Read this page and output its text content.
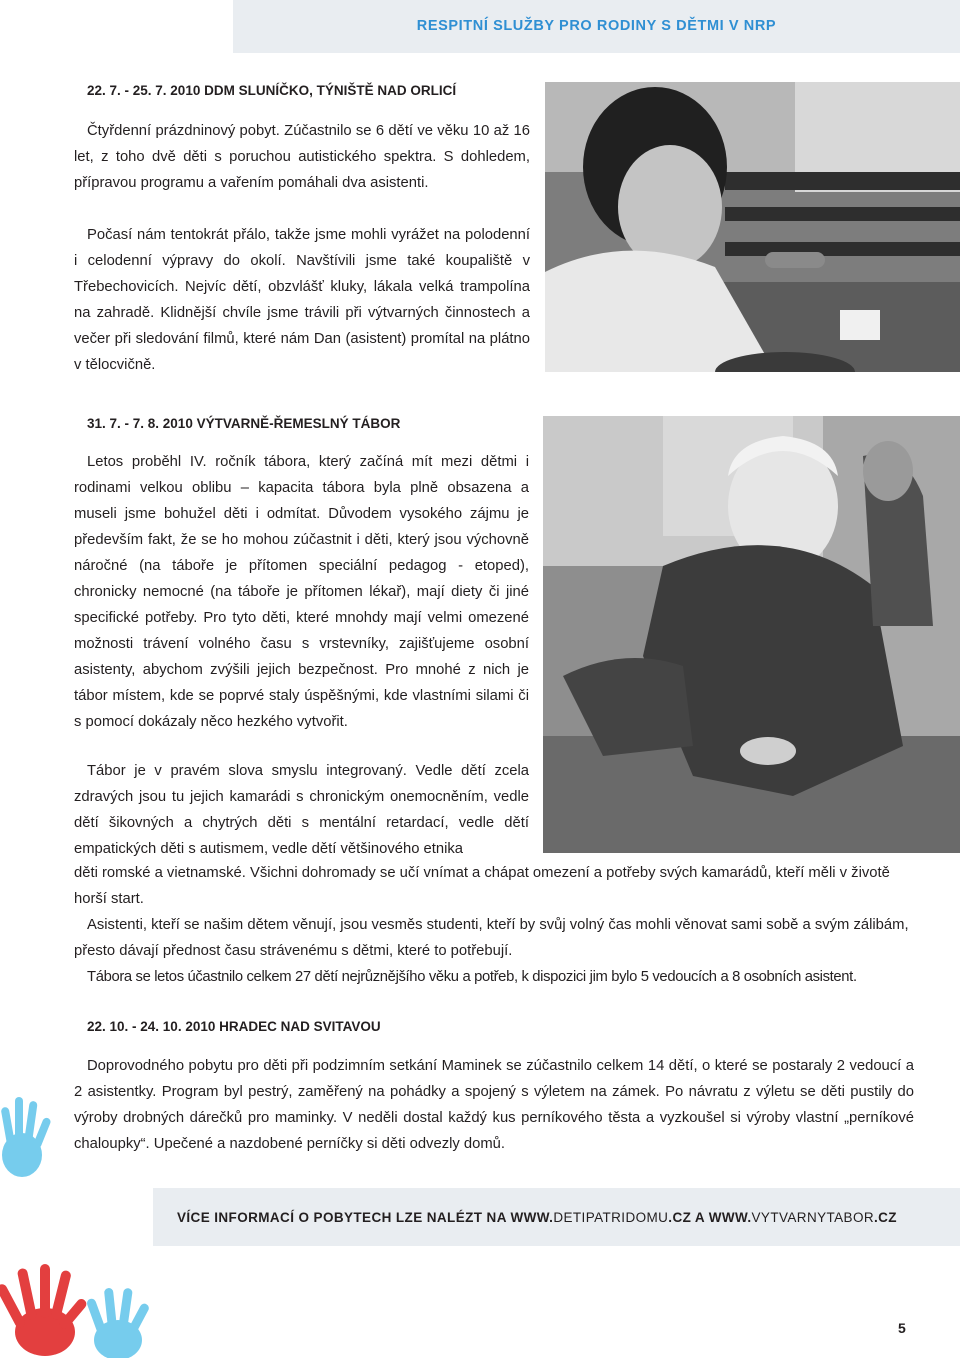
RESPITNÍ SLUŽBY PRO RODINY S DĚTMI V NRP
22. 7. - 25. 7. 2010 DDM SLUNÍČKO, TÝNIŠTĚ NAD ORLICÍ

Čtyřdenní prázdninový pobyt. Zúčastnilo se 6 dětí ve věku 10 až 16 let, z toho dvě děti s poruchou autistického spektra. S dohledem, přípravou programu a vařením pomáhali dva asistenti.

Počasí nám tentokrát přálo, takže jsme mohli vyrážet na polodenní i celodenní výpravy do okolí. Navštívili jsme také koupaliště v Třebechovicích. Nejvíc dětí, obzvlášť kluky, lákala velká trampolína na zahradě. Klidnější chvíle jsme trávili při výtvarných činnostech a večer při sledování filmů, které nám Dan (asistent) promítal na plátno v tělocvičně.

31. 7. - 7. 8. 2010 VÝTVARNĚ-ŘEMESLNÝ TÁBOR

Letos proběhl IV. ročník tábora, který začíná mít mezi dětmi i rodinami velkou oblibu – kapacita tábora byla plně obsazena a museli jsme bohužel děti i odmítat. Důvodem vysokého zájmu je především fakt, že se ho mohou zúčastnit i děti, který jsou výchovně náročné (na táboře je přítomen speciální pedagog - etoped), chronicky nemocné (na táboře je přítomen lékař), mají diety či jiné specifické potřeby. Pro tyto děti, které mnohdy mají velmi omezené možnosti trávení volného času s vrstevníky, zajišťujeme osobní asistenty, abychom zvýšili jejich bezpečnost. Pro mnohé z nich je tábor místem, kde se poprvé staly úspěšnými, kde vlastními silami či s pomocí dokázaly něco hezkého vytvořit.

Tábor je v pravém slova smyslu integrovaný. Vedle dětí zcela zdravých jsou tu jejich kamarádi s chronickým onemocněním, vedle dětí šikovných a chytrých děti s mentální retardací, vedle dětí empatických děti s autismem, vedle dětí většinového etnika

děti romské a vietnamské. Všichni dohromady se učí vnímat a chápat omezení a potřeby svých kamarádů, kteří měli v životě horší start.

Asistenti, kteří se našim dětem věnují, jsou vesměs studenti, kteří by svůj volný čas mohli věnovat sami sobě a svým zálibám, přesto dávají přednost času strávenému s dětmi, které to potřebují.

Tábora se letos účastnilo celkem 27 dětí nejrůznějšího věku a potřeb, k dispozici jim bylo 5 vedoucích a 8 osobních asistent.

22. 10. - 24. 10. 2010 HRADEC NAD SVITAVOU

Doprovodného pobytu pro děti při podzimním setkání Maminek se zúčastnilo celkem 14 dětí, o které se postaraly 2 vedoucí a 2 asistentky. Program byl pestrý, zaměřený na pohádky a spojený s výletem na zámek. Po návratu z výletu se děti pustily do výroby drobných dárečků pro maminky. V neděli dostal každý kus perníkového těsta a vyzkoušel si výroby vlastní „perníkové chaloupky“. Upečené a nazdobené perníčky si děti odvezly domů.

VÍCE INFORMACÍ O POBYTECH LZE NALÉZT NA WWW.DETIPATRIDOMU.CZ A WWW.VYTVARNYTABOR.CZ
5
